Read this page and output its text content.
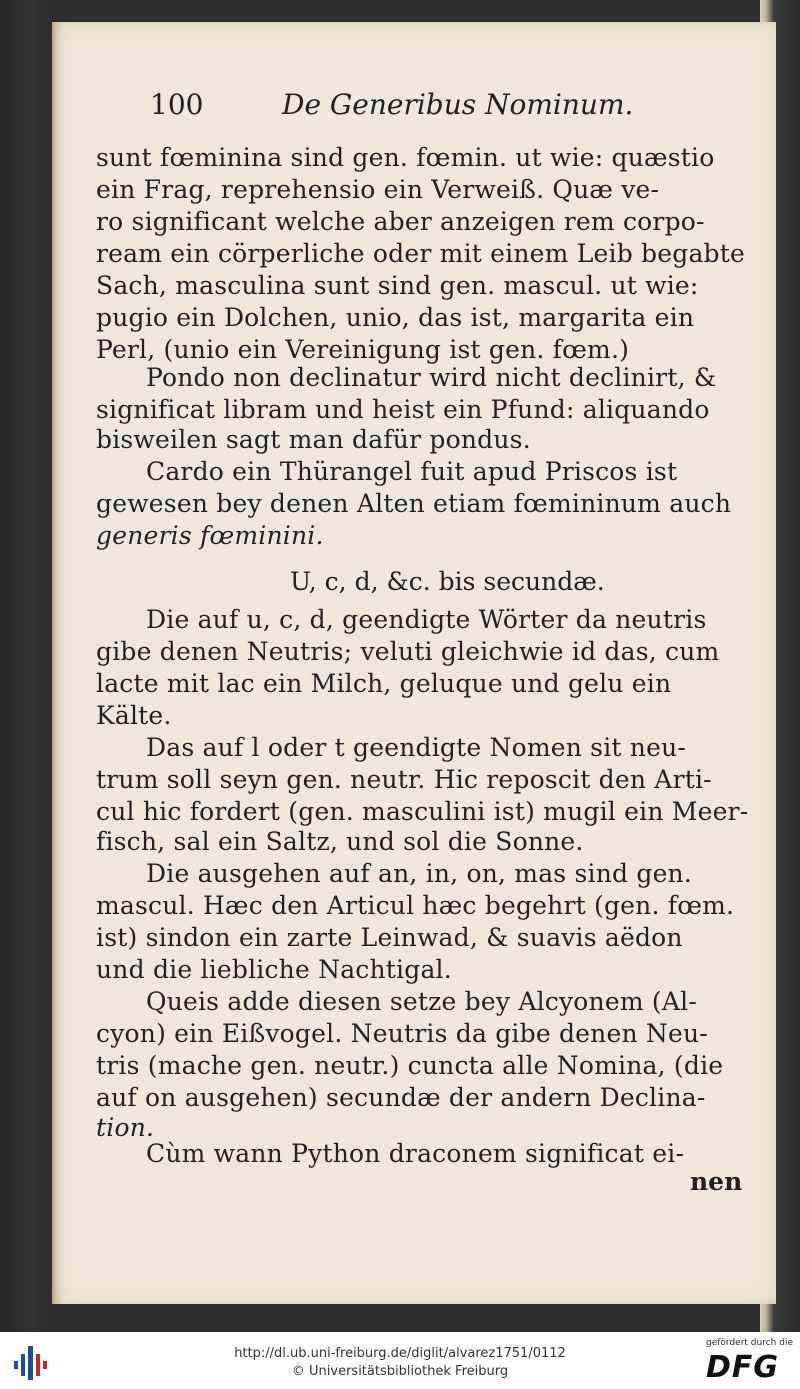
100	De Generibus Nominum.
sunt fœminina sind gen. fœmin. ut wie: quæstio
ein Frag, reprehensio ein Verweiß. Quæ ve-
ro significant welche aber anzeigen rem corpo-
ream ein cörperliche oder mit einem Leib begabte
Sach, masculina sunt sind gen. mascul. ut wie:
pugio ein Dolchen, unio, das ist, margarita ein
Perl, (unio ein Vereinigung ist gen. fœm.)
Pondo non declinatur wird nicht declinirt, &
significat libram und heist ein Pfund: aliquando
bisweilen sagt man dafür pondus.
Cardo ein Thürangel fuit apud Priscos ist
gewesen bey denen Alten etiam fœmininum auch
generis fœminini.
U, c, d, &c. bis secundæ.
Die auf u, c, d, geendigte Wörter da neutris
gibe denen Neutris; veluti gleichwie id das, cum
lacte mit lac ein Milch, geluque und gelu ein
Kälte.
Das auf l oder t geendigte Nomen sit neu-
trum soll seyn gen. neutr. Hic reposcit den Arti-
cul hic fordert (gen. masculini ist) mugil ein Meer-
fisch, sal ein Saltz, und sol die Sonne.
Die ausgehen auf an, in, on, mas sind gen.
mascul. Hæc den Articul hæc begehrt (gen. fœm.
ist) sindon ein zarte Leinwad, & suavis aëdon
und die liebliche Nachtigal.
Queis adde diesen setze bey Alcyonem (Al-
cyon) ein Eißvogel. Neutris da gibe denen Neu-
tris (mache gen. neutr.) cuncta alle Nomina, (die
auf on ausgehen) secundæ der andern Declina-
tion.
Cùm wann Python draconem significat ei-
nen
http://dl.ub.uni-freiburg.de/diglit/alvarez1751/0112
© Universitätsbibliothek Freiburg
gefördert durch die
DFG
